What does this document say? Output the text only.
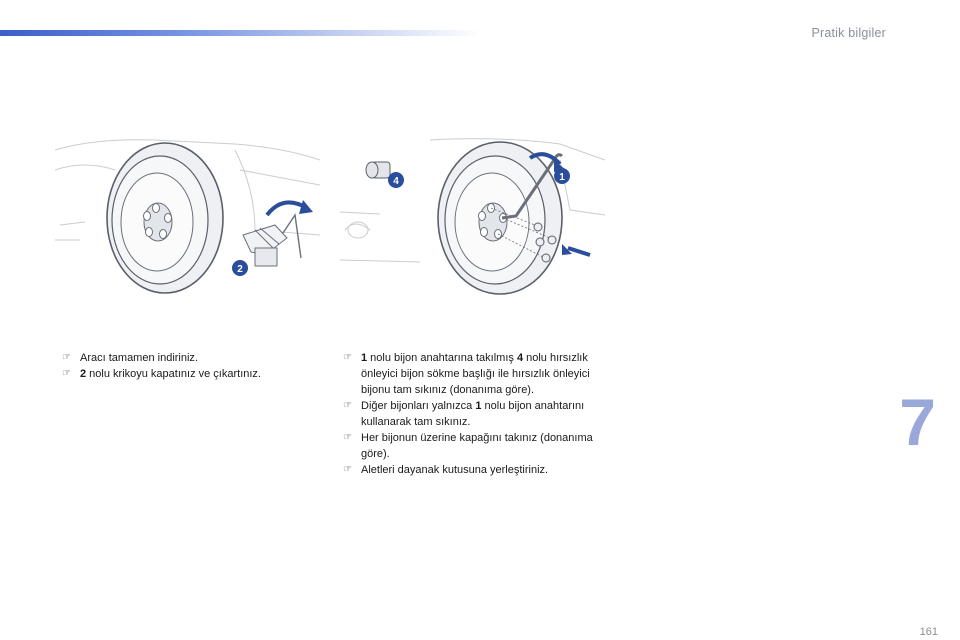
Pratik bilgiler
2
4	1
☞ Aracı tamamen indiriniz.
☞ 2 nolu krikoyu kapatınız ve çıkartınız.
☞ 1 nolu bijon anahtarına takılmış 4 nolu hırsızlık önleyici bijon sökme başlığı ile hırsızlık önleyici bijonu tam sıkınız (donanıma göre).
☞ Diğer bijonları yalnızca 1 nolu bijon anahtarını kullanarak tam sıkınız.
☞ Her bijonun üzerine kapağını takınız (donanıma göre).
☞ Aletleri dayanak kutusuna yerleştiriniz.
7
161
